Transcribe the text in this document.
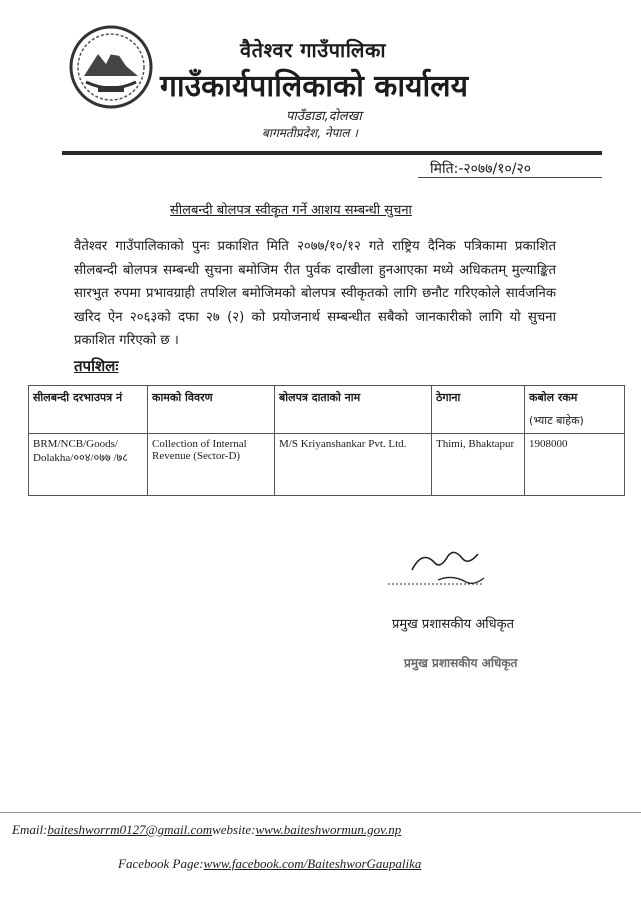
वैतेश्वर गाउँपालिका
गाउँकार्यपालिकाको कार्यालय
पाउँडाडा,दोलखा
बागमतीप्रदेश, नेपाल ।
मिति:-२०७७/१०/२०
सीलबन्दी बोलपत्र स्वीकृत गर्ने आशय सम्बन्धी सुचना
वैतेश्वर गाउँपालिकाको पुनः प्रकाशित मिति २०७७/१०/१२ गते राष्ट्रिय दैनिक पत्रिकामा प्रकाशित सीलबन्दी बोलपत्र सम्बन्धी सुचना बमोजिम रीत पुर्वक दाखीला हुनआएका मध्ये अधिकतम् मुल्याङ्कित सारभुत रुपमा प्रभावग्राही तपशिल बमोजिमको बोलपत्र स्वीकृतको लागि छनौट गरिएकोले सार्वजनिक खरिद ऐन २०६३को दफा २७ (२) को प्रयोजनार्थ सम्बन्धीत सबैको जानकारीको लागि यो सुचना प्रकाशित गरिएको छ ।
तपशिलः
सीलबन्दी दरभाउपत्र नं	कामको विवरण	बोलपत्र दाताको नाम	ठेगाना	कबोल रकम
(भ्याट बाहेक)

BRM/NCB/Goods/ Dolakha/००४/०७७ /७८	Collection of Internal Revenue (Sector-D)	M/S Kriyanshankar Pvt. Ltd.	Thimi, Bhaktapur	1908000
प्रमुख प्रशासकीय अधिकृत
प्रमुख प्रशासकीय अधिकृत
Email:baiteshworrm0127@gmail.comwebsite:www.baiteshwormun.gov.np
Facebook Page:www.facebook.com/BaiteshworGaupalika
